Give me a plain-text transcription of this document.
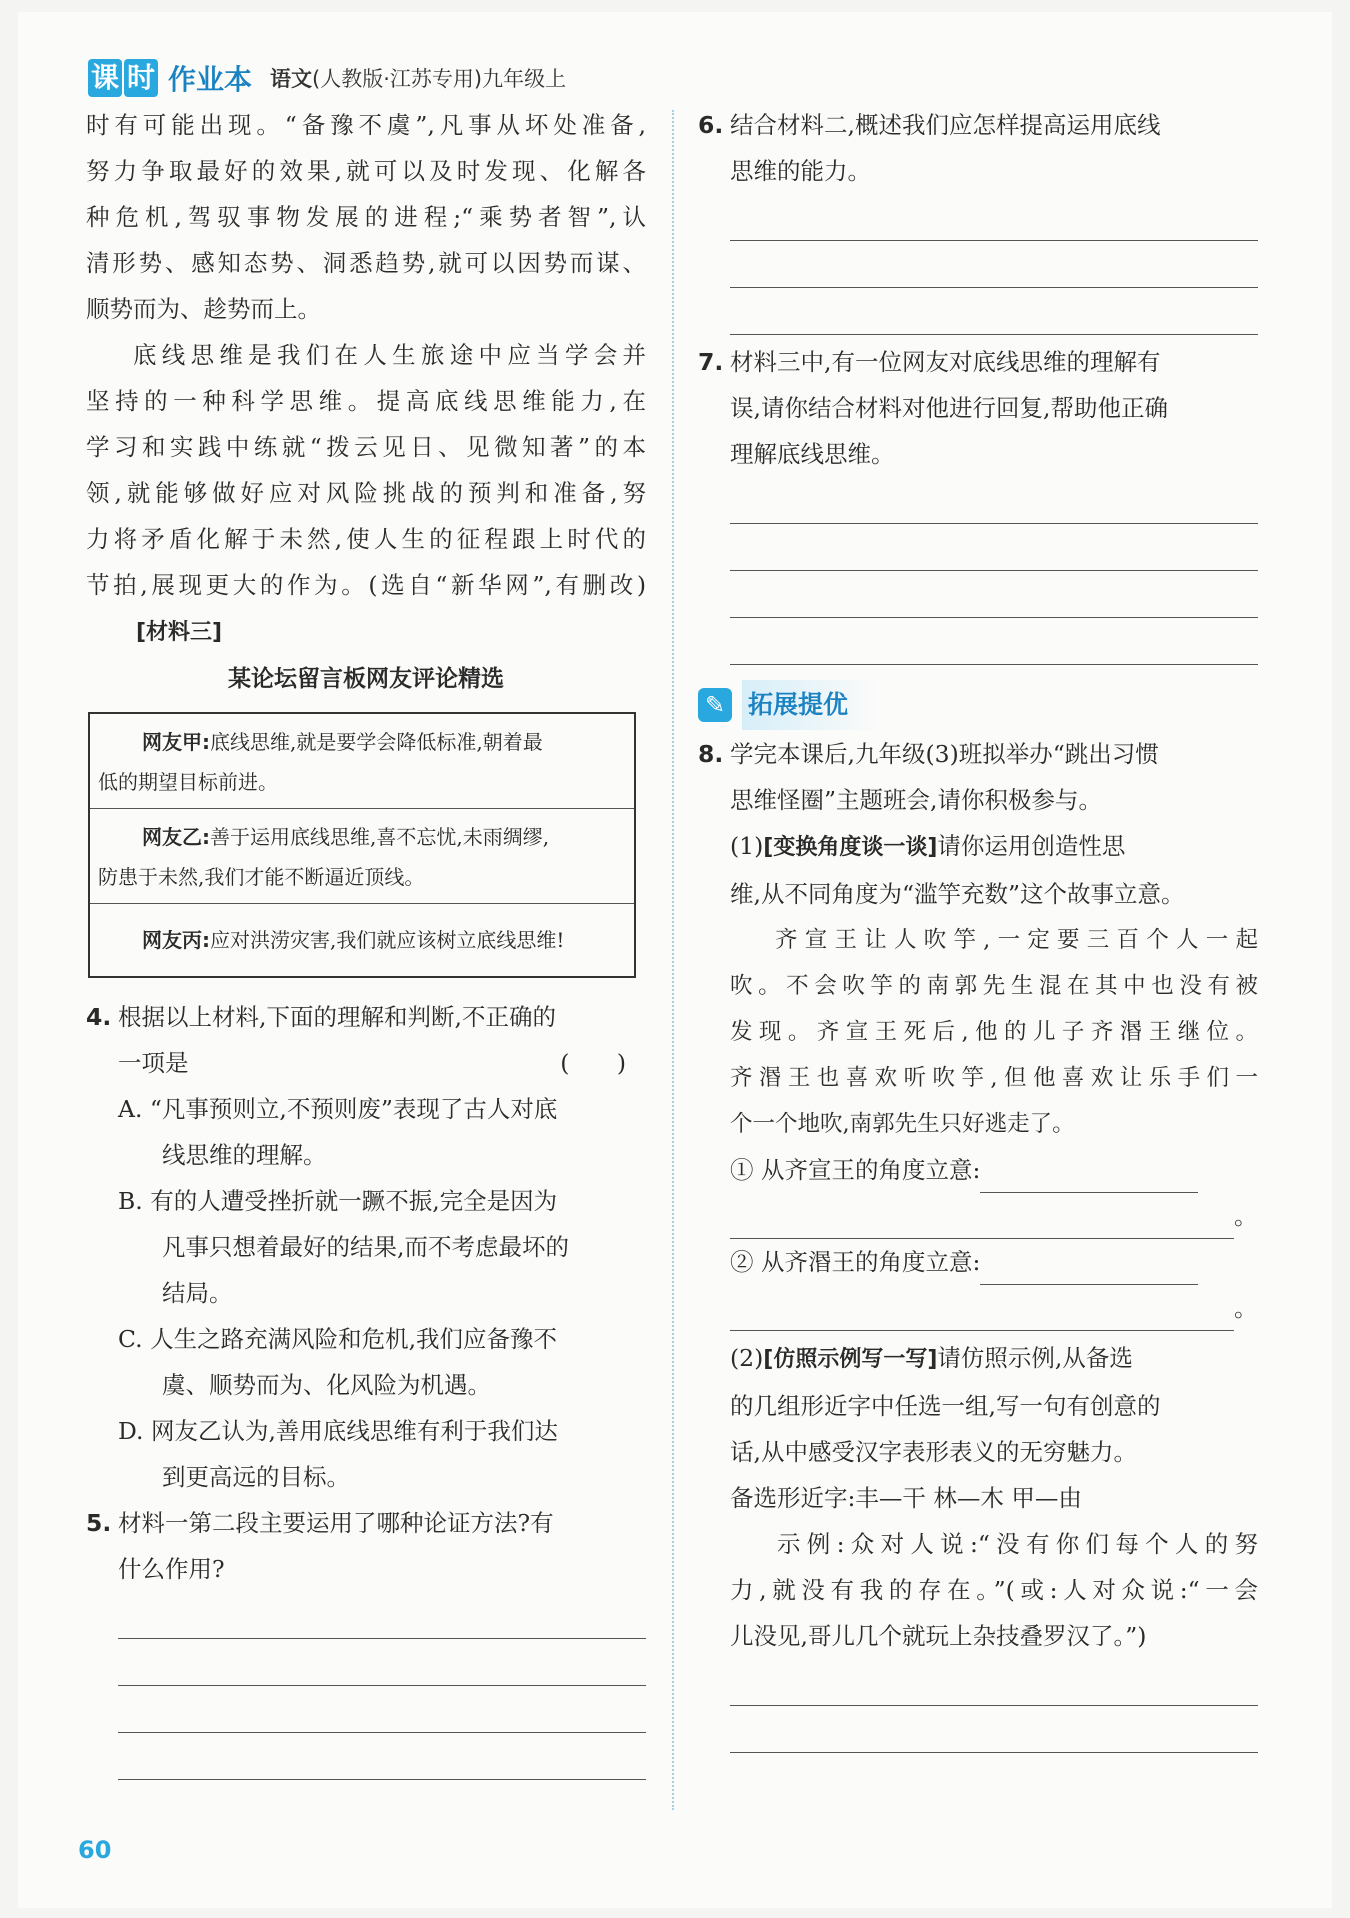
课 时 作业本 语文(人教版·江苏专用)九年级上

时有可能出现。“备豫不虞”,凡事从坏处准备,

努力争取最好的效果,就可以及时发现、化解各

种危机,驾驭事物发展的进程;“乘势者智”,认

清形势、感知态势、洞悉趋势,就可以因势而谋、

顺势而为、趁势而上。

底线思维是我们在人生旅途中应当学会并

坚持的一种科学思维。提高底线思维能力,在

学习和实践中练就“拨云见日、见微知著”的本

领,就能够做好应对风险挑战的预判和准备,努

力将矛盾化解于未然,使人生的征程跟上时代的

节拍,展现更大的作为。(选自“新华网”,有删改)

[材料三]

某论坛留言板网友评论精选

网友甲:底线思维,就是要学会降低标准,朝着最
低的期望目标前进。

网友乙:善于运用底线思维,喜不忘忧,未雨绸缪,
防患于未然,我们才能不断逼近顶线。

网友丙:应对洪涝灾害,我们就应该树立底线思维!

4. 根据以上材料,下面的理解和判断,不正确的

一项是	( )

A. “凡事预则立,不预则废”表现了古人对底
线思维的理解。

B. 有的人遭受挫折就一蹶不振,完全是因为
凡事只想着最好的结果,而不考虑最坏的
结局。

C. 人生之路充满风险和危机,我们应备豫不
虞、顺势而为、化风险为机遇。

D. 网友乙认为,善用底线思维有利于我们达
到更高远的目标。

5. 材料一第二段主要运用了哪种论证方法?有

什么作用?

6. 结合材料二,概述我们应怎样提高运用底线

思维的能力。

7. 材料三中,有一位网友对底线思维的理解有

误,请你结合材料对他进行回复,帮助他正确

理解底线思维。

✎ 拓展提优

8. 学完本课后,九年级(3)班拟举办“跳出习惯

思维怪圈”主题班会,请你积极参与。

(1)[变换角度谈一谈]请你运用创造性思

维,从不同角度为“滥竽充数”这个故事立意。

齐宣王让人吹竽,一定要三百个人一起

吹。不会吹竽的南郭先生混在其中也没有被

发现。齐宣王死后,他的儿子齐湣王继位。

齐湣王也喜欢听吹竽,但他喜欢让乐手们一

个一个地吹,南郭先生只好逃走了。

① 从齐宣王的角度立意:

。

② 从齐湣王的角度立意:

。

(2)[仿照示例写一写]请仿照示例,从备选

的几组形近字中任选一组,写一句有创意的

话,从中感受汉字表形表义的无穷魅力。

备选形近字:丰—干 林—木 甲—由

示例:众对人说:“没有你们每个人的努

力,就没有我的存在。”(或:人对众说:“一会

儿没见,哥儿几个就玩上杂技叠罗汉了。”)

60
